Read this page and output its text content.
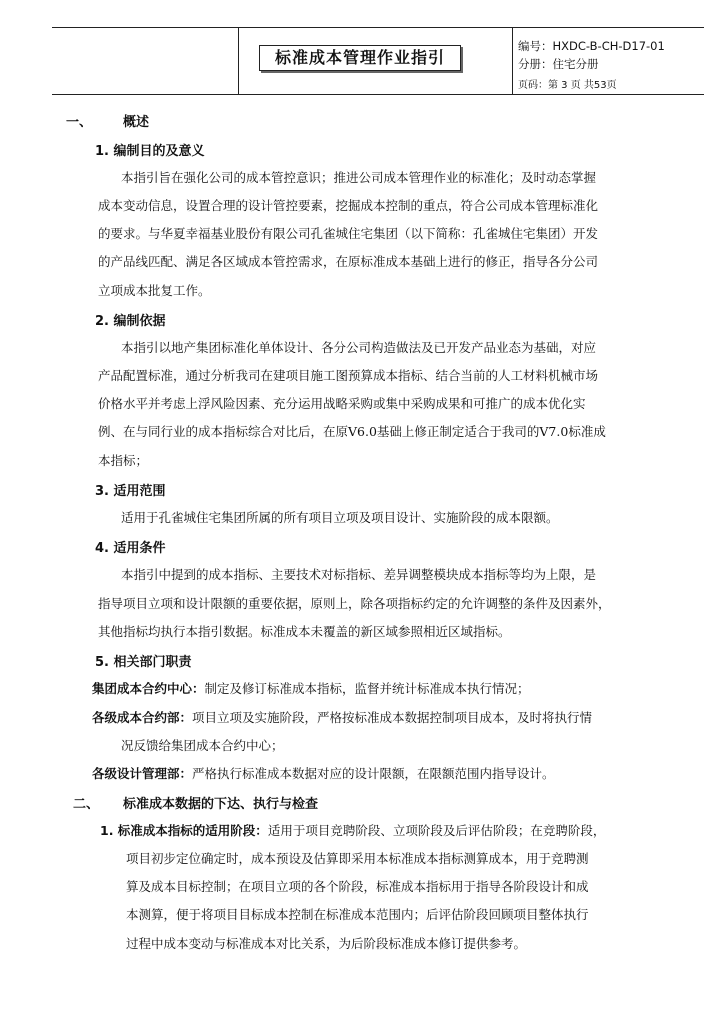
标准成本管理作业指引
编号：HXDC-B-CH-D17-01
分册：住宅分册
页码：第 3 页 共53页
一、 概述
1. 编制目的及意义
本指引旨在强化公司的成本管控意识；推进公司成本管理作业的标准化；及时动态掌握
成本变动信息，设置合理的设计管控要素，挖掘成本控制的重点，符合公司成本管理标准化
的要求。与华夏幸福基业股份有限公司孔雀城住宅集团（以下简称：孔雀城住宅集团）开发
的产品线匹配、满足各区域成本管控需求，在原标准成本基础上进行的修正，指导各分公司
立项成本批复工作。
2. 编制依据
本指引以地产集团标准化单体设计、各分公司构造做法及已开发产品业态为基础，对应
产品配置标准，通过分析我司在建项目施工图预算成本指标、结合当前的人工材料机械市场
价格水平并考虑上浮风险因素、充分运用战略采购或集中采购成果和可推广的成本优化实
例、在与同行业的成本指标综合对比后，在原V6.0基础上修正制定适合于我司的V7.0标准成
本指标；
3. 适用范围
适用于孔雀城住宅集团所属的所有项目立项及项目设计、实施阶段的成本限额。
4. 适用条件
本指引中提到的成本指标、主要技术对标指标、差异调整模块成本指标等均为上限，是
指导项目立项和设计限额的重要依据，原则上，除各项指标约定的允许调整的条件及因素外，
其他指标均执行本指引数据。标准成本未覆盖的新区域参照相近区域指标。
5. 相关部门职责
集团成本合约中心：制定及修订标准成本指标，监督并统计标准成本执行情况；
各级成本合约部：项目立项及实施阶段，严格按标准成本数据控制项目成本，及时将执行情
况反馈给集团成本合约中心；
各级设计管理部：严格执行标准成本数据对应的设计限额，在限额范围内指导设计。
二、 标准成本数据的下达、执行与检查
1. 标准成本指标的适用阶段：适用于项目竞聘阶段、立项阶段及后评估阶段；在竞聘阶段，
项目初步定位确定时，成本预设及估算即采用本标准成本指标测算成本，用于竞聘测
算及成本目标控制；在项目立项的各个阶段，标准成本指标用于指导各阶段设计和成
本测算，便于将项目目标成本控制在标准成本范围内；后评估阶段回顾项目整体执行
过程中成本变动与标准成本对比关系，为后阶段标准成本修订提供参考。
